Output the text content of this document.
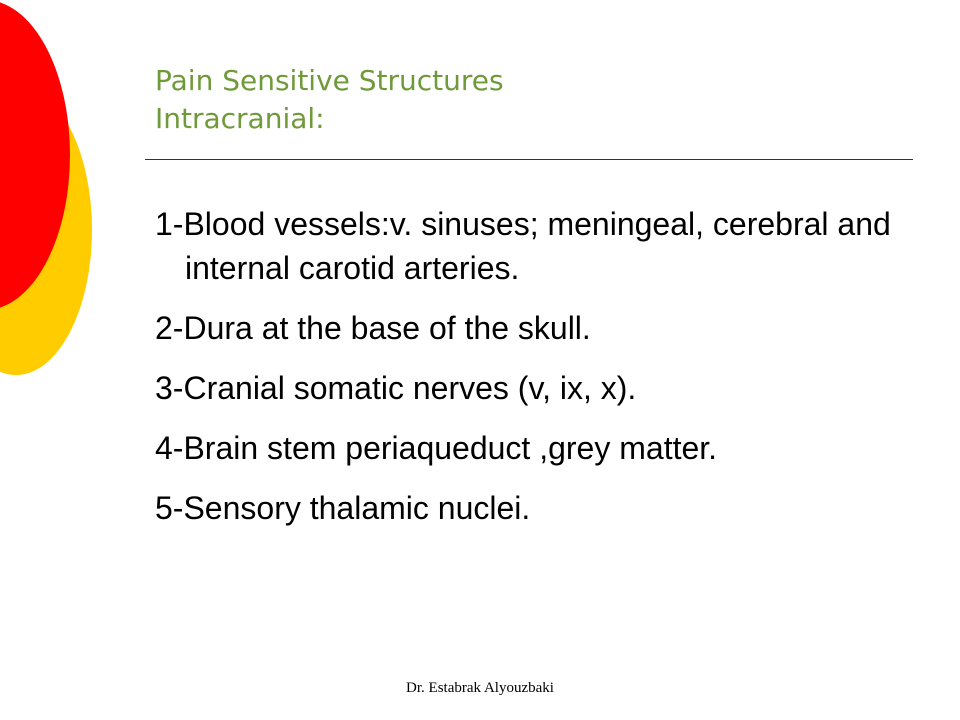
Pain Sensitive Structures
Intracranial:
1-Blood vessels:v. sinuses; meningeal, cerebral and internal carotid arteries.
2-Dura at the base of the skull.
3-Cranial somatic nerves (v, ix, x).
4-Brain stem periaqueduct ,grey matter.
5-Sensory thalamic nuclei.
Dr. Estabrak Alyouzbaki
